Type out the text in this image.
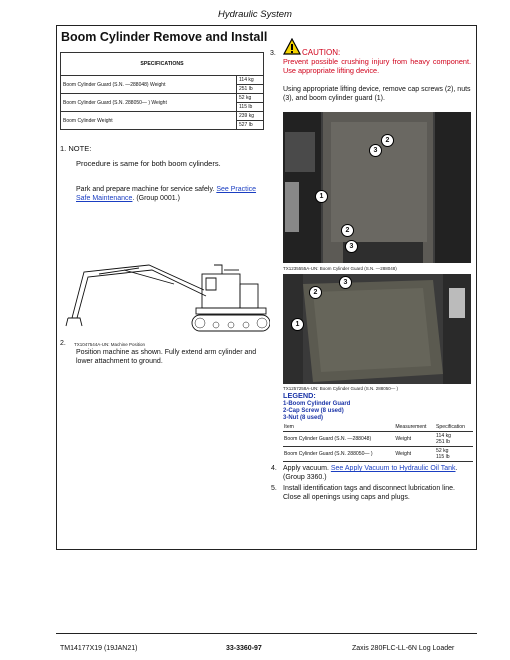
Hydraulic System
Boom Cylinder Remove and Install
SPECIFICATIONS	
Boom Cylinder Guard (S.N. —288048) Weight	114 kg
	251 lb
Boom Cylinder Guard (S.N. 288050— ) Weight	52 kg
	115 lb
Boom Cylinder Weight	239 kg
	527 lb
1. NOTE:
Procedure is same for both boom cylinders.
Park and prepare machine for service safely. See Practice Safe Maintenance. (Group 0001.)
TX1047544A-UN: Machine Position
2.
Position machine as shown. Fully extend arm cylinder and lower attachment to ground.
3.	CAUTION:
Prevent possible crushing injury from heavy component. Use appropriate lifting device.
Using appropriate lifting device, remove cap screws (2), nuts (3), and boom cylinder guard (1).
2
3
1
2
3
TX1235555A-UN: Boom Cylinder Guard (S.N. —288048)
3
2
1
TX1257258A-UN: Boom Cylinder Guard (S.N. 288050— )
LEGEND:
1-Boom Cylinder Guard
2-Cap Screw (8 used)
3-Nut (8 used)
Item	Measurement	Specification
Boom Cylinder Guard (S.N. —288048)	Weight	114 kg
251 lb

Boom Cylinder Guard (S.N. 288050— )	Weight	52 kg
115 lb
4. Apply vacuum. See Apply Vacuum to Hydraulic Oil Tank. (Group 3360.)
5. Install identification tags and disconnect lubrication line. Close all openings using caps and plugs.
TM14177X19 (19JAN21)	33-3360-97	Zaxis 280FLC-LL-6N Log Loader
